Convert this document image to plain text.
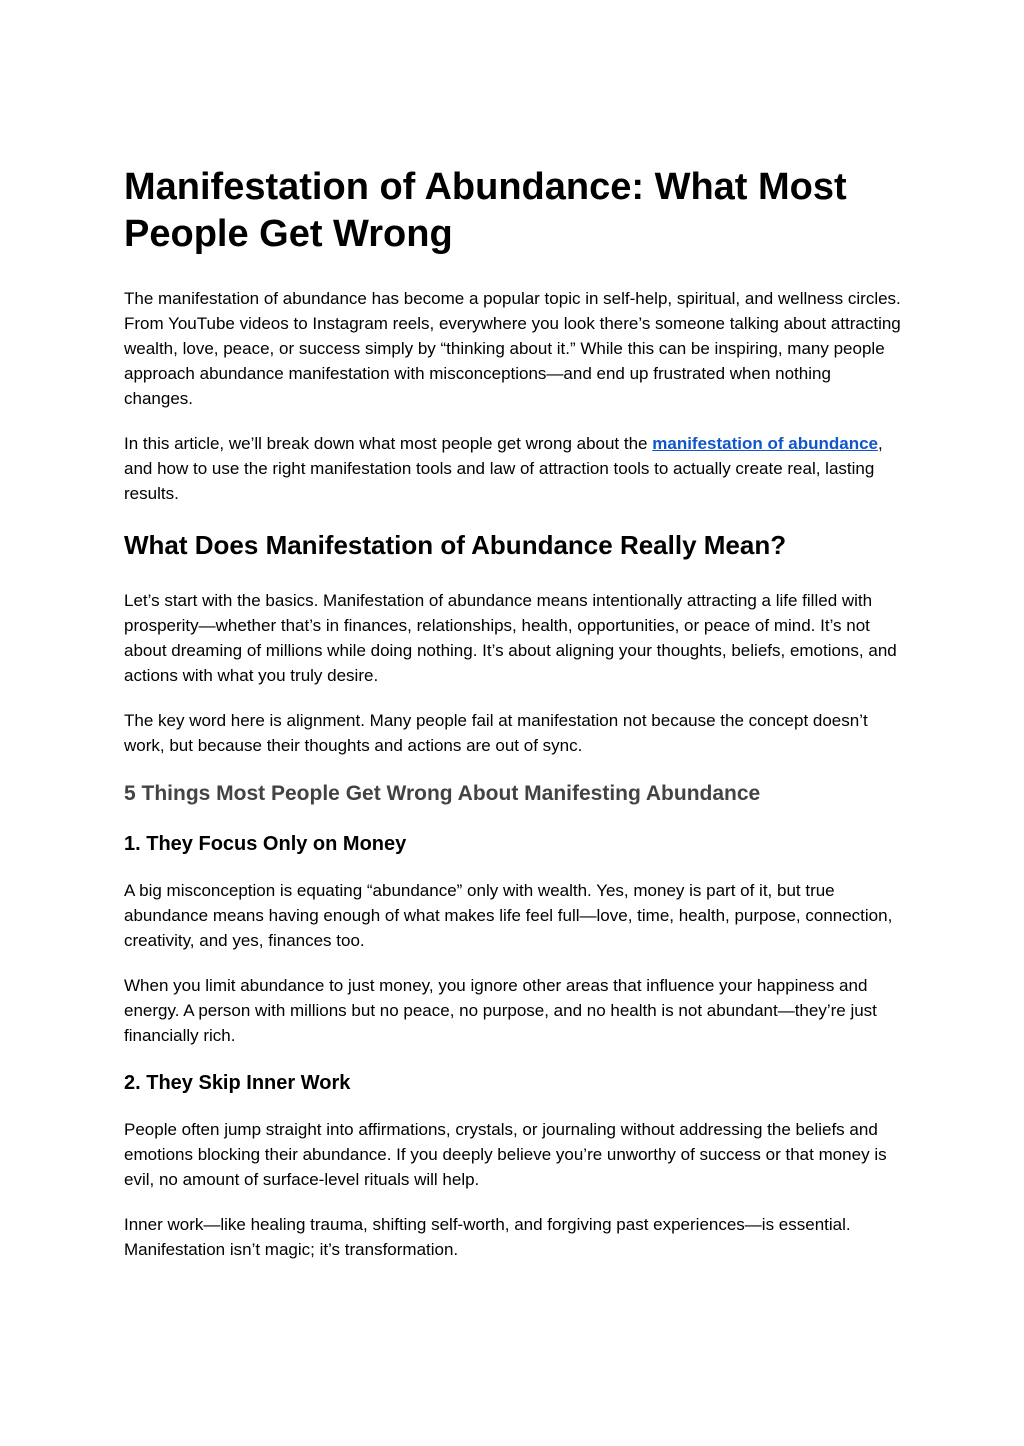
Manifestation of Abundance: What Most People Get Wrong

The manifestation of abundance has become a popular topic in self-help, spiritual, and wellness circles. From YouTube videos to Instagram reels, everywhere you look there’s someone talking about attracting wealth, love, peace, or success simply by “thinking about it.” While this can be inspiring, many people approach abundance manifestation with misconceptions—and end up frustrated when nothing changes.

In this article, we’ll break down what most people get wrong about the manifestation of abundance, and how to use the right manifestation tools and law of attraction tools to actually create real, lasting results.

What Does Manifestation of Abundance Really Mean?

Let’s start with the basics. Manifestation of abundance means intentionally attracting a life filled with prosperity—whether that’s in finances, relationships, health, opportunities, or peace of mind. It’s not about dreaming of millions while doing nothing. It’s about aligning your thoughts, beliefs, emotions, and actions with what you truly desire.

The key word here is alignment. Many people fail at manifestation not because the concept doesn’t work, but because their thoughts and actions are out of sync.

5 Things Most People Get Wrong About Manifesting Abundance
1. They Focus Only on Money

A big misconception is equating “abundance” only with wealth. Yes, money is part of it, but true abundance means having enough of what makes life feel full—love, time, health, purpose, connection, creativity, and yes, finances too.

When you limit abundance to just money, you ignore other areas that influence your happiness and energy. A person with millions but no peace, no purpose, and no health is not abundant—they’re just financially rich.

2. They Skip Inner Work

People often jump straight into affirmations, crystals, or journaling without addressing the beliefs and emotions blocking their abundance. If you deeply believe you’re unworthy of success or that money is evil, no amount of surface-level rituals will help.

Inner work—like healing trauma, shifting self-worth, and forgiving past experiences—is essential. Manifestation isn’t magic; it’s transformation.
